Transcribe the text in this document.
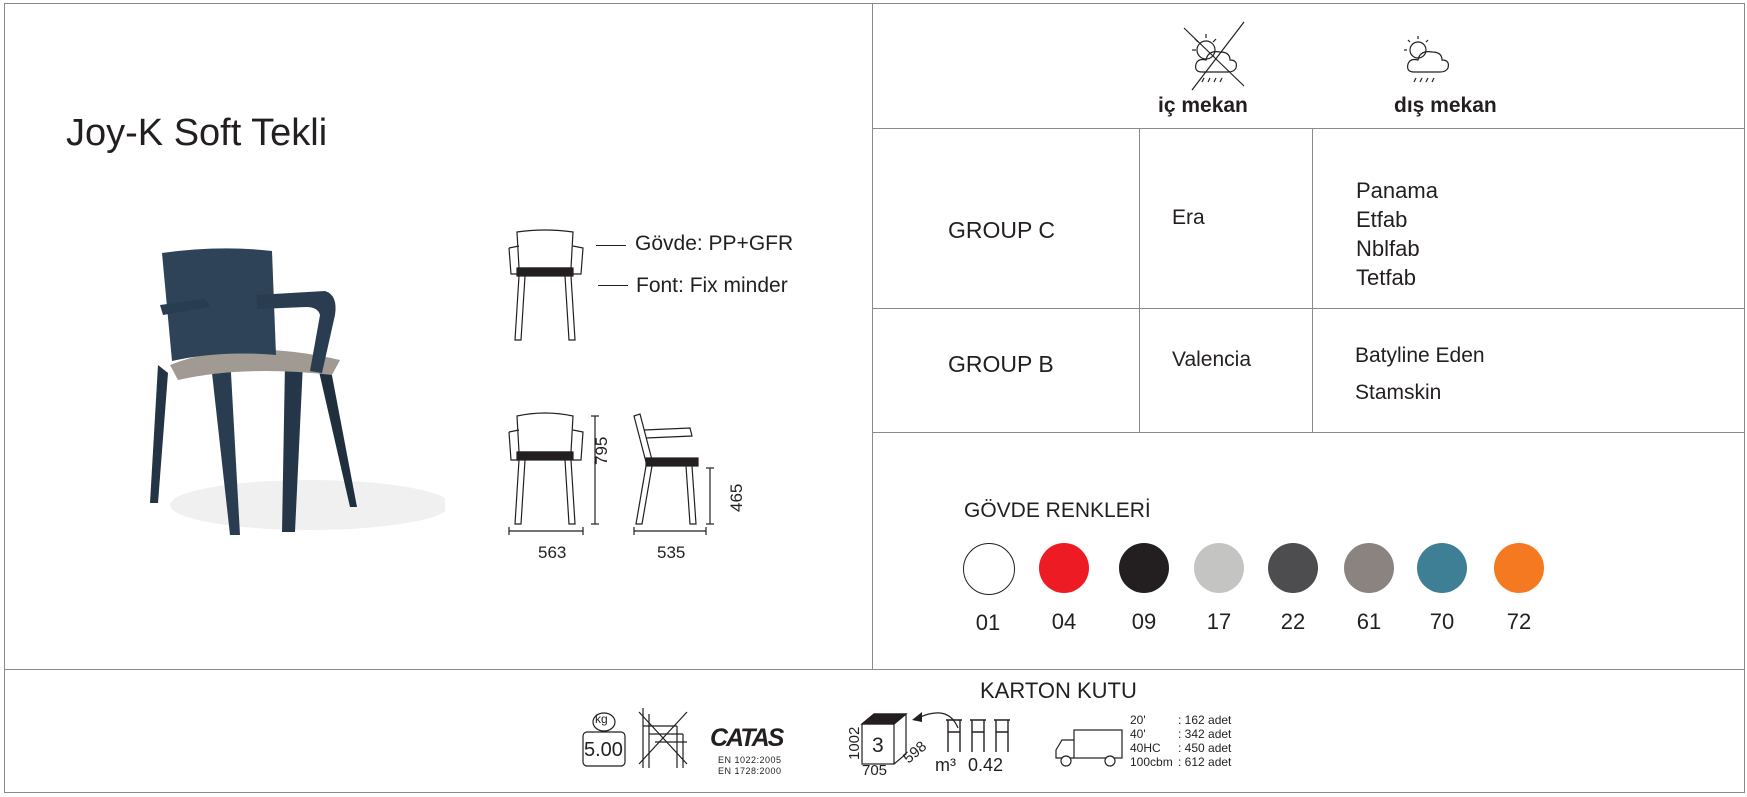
Joy-K Soft Tekli
Gövde: PP+GFR
Font: Fix minder
795
563
465
535
iç mekan	dış mekan
GROUP C	Era
Panama
Etfab
Nblfab
Tetfab
GROUP B	Valencia	Batyline Eden
Stamskin
GÖVDE RENKLERİ
01	04	09	17	22	61	70	72
KARTON KUTU
kg
5.00	CATAS
EN 1022:2005
EN 1728:2000
3
1002
705
598 m³ 0.42
20'	: 162 adet
40'	: 342 adet
40HC : 450 adet
100cbm : 612 adet
